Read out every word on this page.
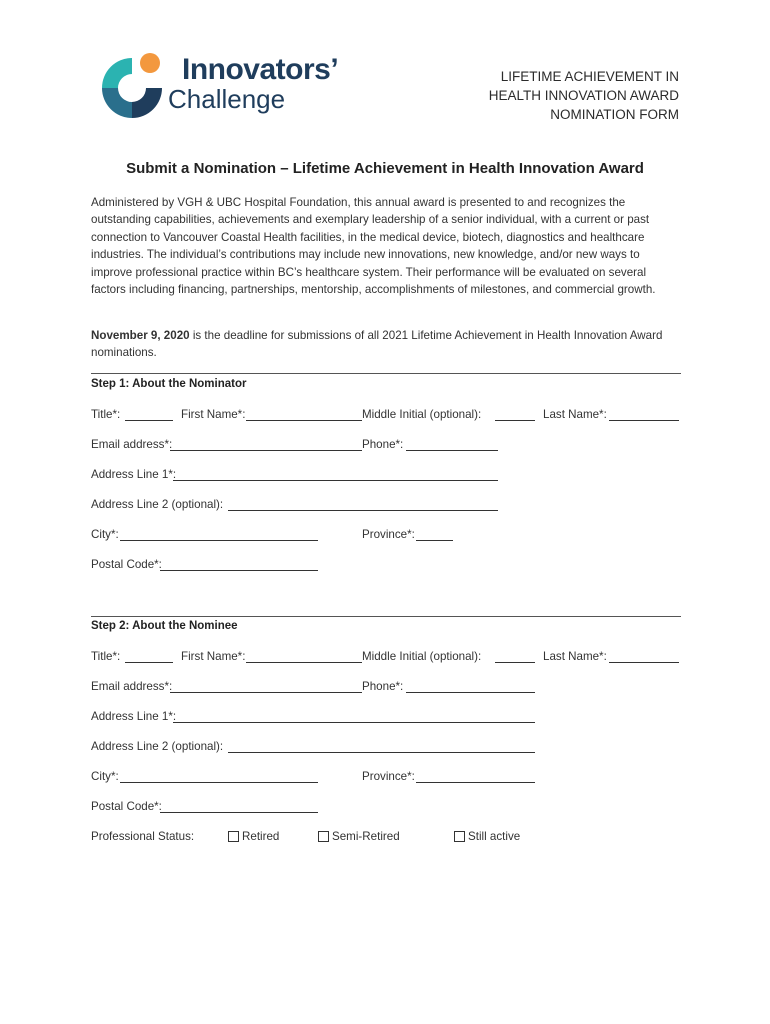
Innovators’
Challenge
LIFETIME ACHIEVEMENT IN
HEALTH INNOVATION AWARD
NOMINATION FORM
Submit a Nomination – Lifetime Achievement in Health Innovation Award
Administered by VGH & UBC Hospital Foundation, this annual award is presented to and recognizes the outstanding capabilities, achievements and exemplary leadership of a senior individual, with a current or past connection to Vancouver Coastal Health facilities, in the medical device, biotech, diagnostics and healthcare industries. The individual’s contributions may include new innovations, new knowledge, and/or new ways to improve professional practice within BC’s healthcare system. Their performance will be evaluated on several factors including financing, partnerships, mentorship, accomplishments of milestones, and commercial growth.
November 9, 2020 is the deadline for submissions of all 2021 Lifetime Achievement in Health Innovation Award nominations.
Step 1: About the Nominator
Title*:	First Name*:	Middle Initial (optional):	Last Name*:
Email address*:	Phone*:
Address Line 1*:
Address Line 2 (optional):
City*:	Province*:
Postal Code*:
Step 2: About the Nominee
Title*:	First Name*:	Middle Initial (optional):	Last Name*:
Email address*:	Phone*:
Address Line 1*:
Address Line 2 (optional):
City*:	Province*:
Postal Code*:
Professional Status:	Retired	Semi-Retired	Still active
